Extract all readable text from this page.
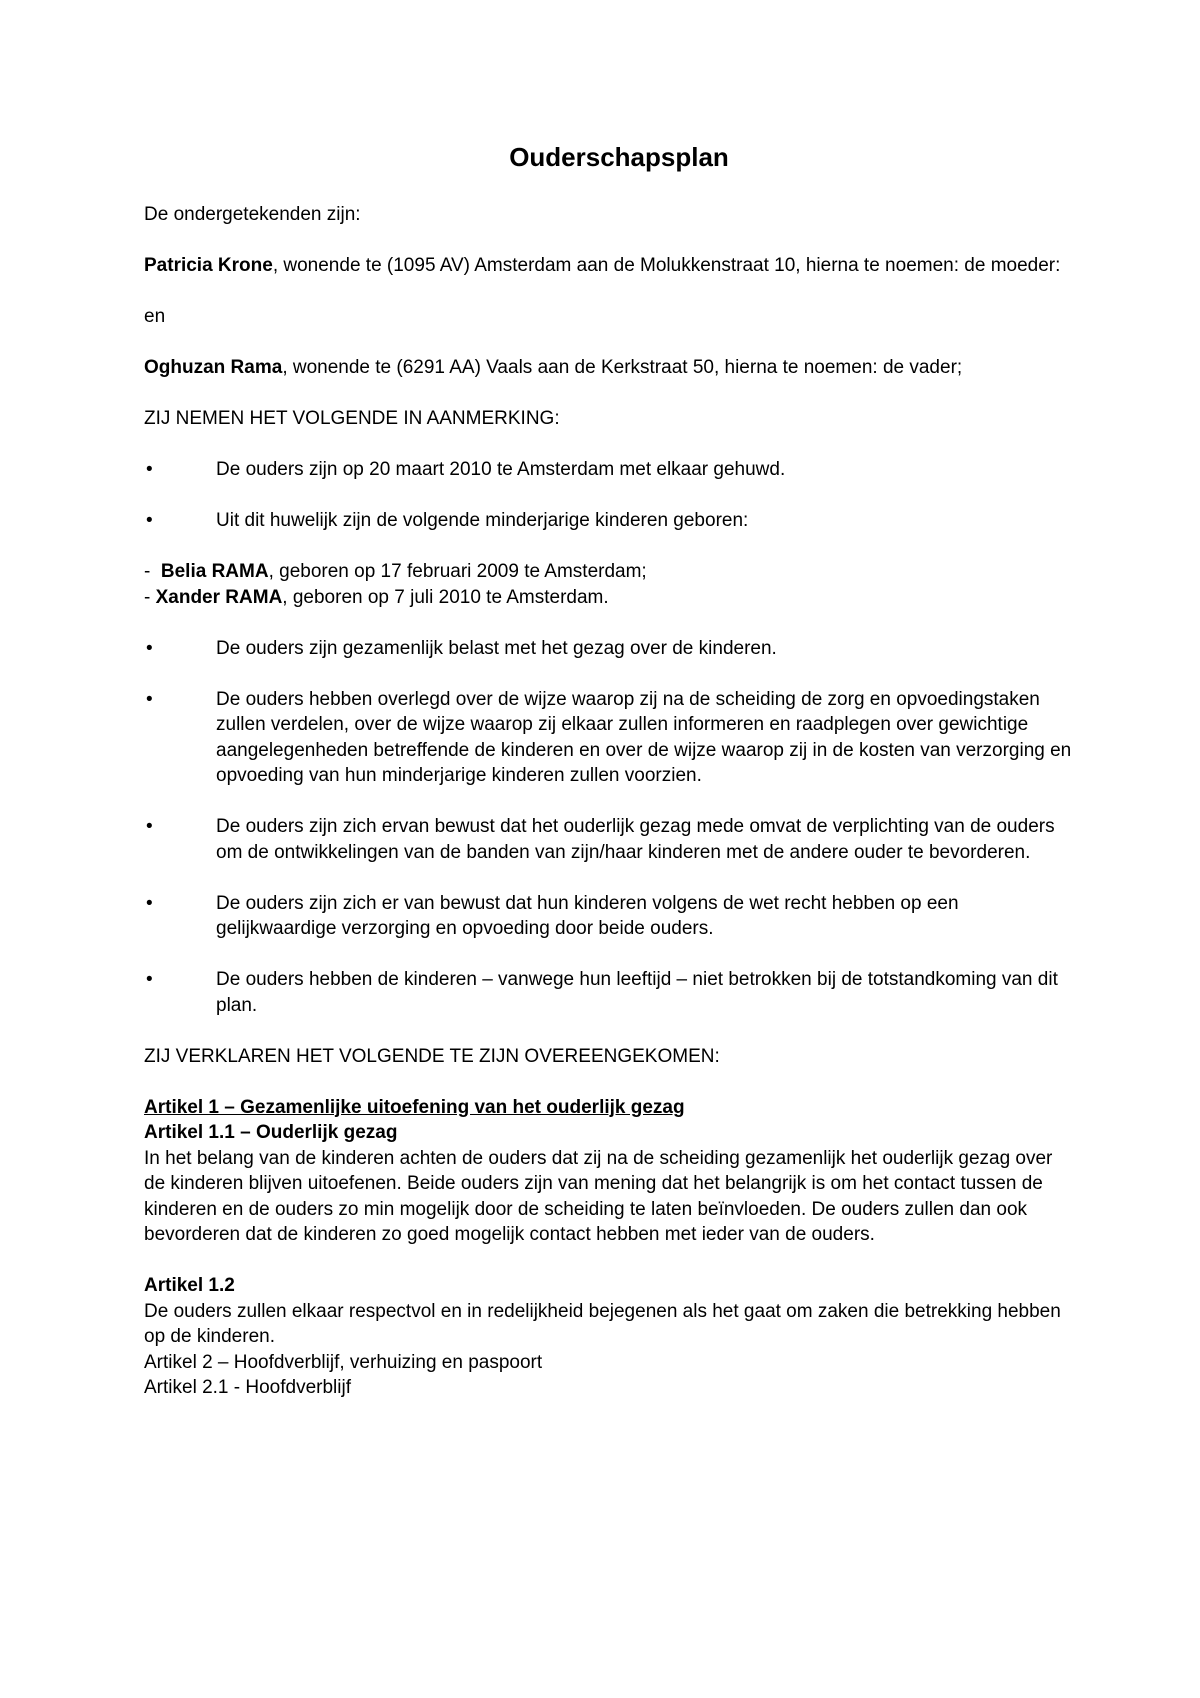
Ouderschapsplan

De ondergetekenden zijn:

Patricia Krone, wonende te (1095 AV) Amsterdam aan de Molukkenstraat 10, hierna te noemen: de moeder:

en

Oghuzan Rama, wonende te (6291 AA) Vaals aan de Kerkstraat 50, hierna te noemen: de vader;

ZIJ NEMEN HET VOLGENDE IN AANMERKING:

•	De ouders zijn op 20 maart 2010 te Amsterdam met elkaar gehuwd.
•	Uit dit huwelijk zijn de volgende minderjarige kinderen geboren:

-  Belia RAMA, geboren op 17 februari 2009 te Amsterdam;

- Xander RAMA, geboren op 7 juli 2010 te Amsterdam.

•	De ouders zijn gezamenlijk belast met het gezag over de kinderen.
•	De ouders hebben overlegd over de wijze waarop zij na de scheiding de zorg en opvoedingstaken zullen verdelen, over de wijze waarop zij elkaar zullen informeren en raadplegen over gewichtige aangelegenheden betreffende de kinderen en over de wijze waarop zij in de kosten van verzorging en opvoeding van hun minderjarige kinderen zullen voorzien.
•	De ouders zijn zich ervan bewust dat het ouderlijk gezag mede omvat de verplichting van de ouders om de ontwikkelingen van de banden van zijn/haar kinderen met de andere ouder te bevorderen.
•	De ouders zijn zich er van bewust dat hun kinderen volgens de wet recht hebben op een gelijkwaardige verzorging en opvoeding door beide ouders.
•	De ouders hebben de kinderen – vanwege hun leeftijd – niet betrokken bij de totstandkoming van dit plan.

ZIJ VERKLAREN HET VOLGENDE TE ZIJN OVEREENGEKOMEN:

Artikel 1 – Gezamenlijke uitoefening van het ouderlijk gezag

Artikel 1.1 – Ouderlijk gezag

In het belang van de kinderen achten de ouders dat zij na de scheiding gezamenlijk het ouderlijk gezag over de kinderen blijven uitoefenen. Beide ouders zijn van mening dat het belangrijk is om het contact tussen de kinderen en de ouders zo min mogelijk door de scheiding te laten beïnvloeden. De ouders zullen dan ook bevorderen dat de kinderen zo goed mogelijk contact hebben met ieder van de ouders.

Artikel 1.2

De ouders zullen elkaar respectvol en in redelijkheid bejegenen als het gaat om zaken die betrekking hebben op de kinderen.

Artikel 2 – Hoofdverblijf, verhuizing en paspoort

Artikel 2.1 - Hoofdverblijf
